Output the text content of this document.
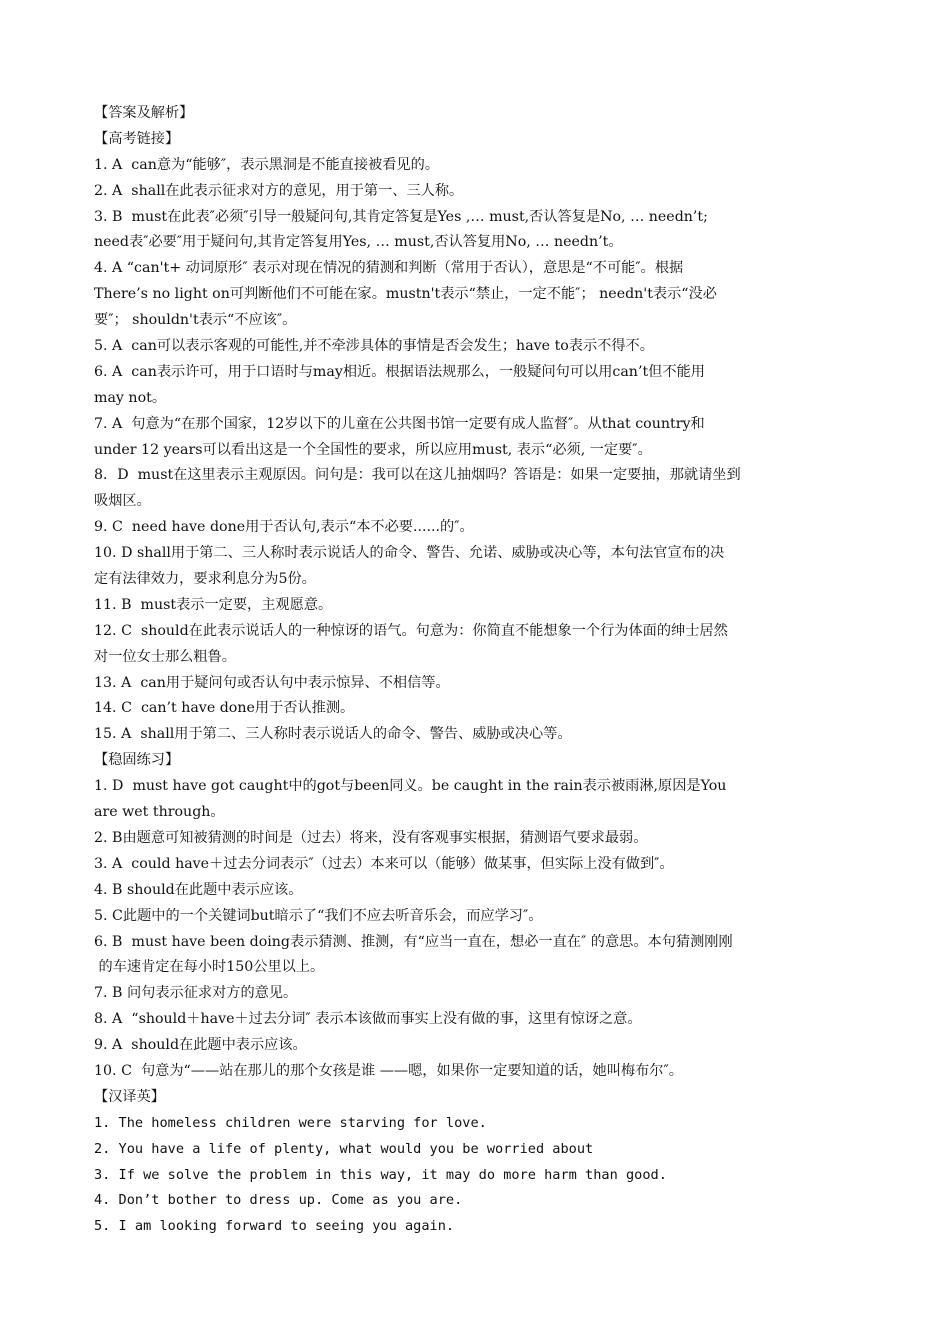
【答案及解析】
【高考链接】
1. A  can意为“能够″，表示黑洞是不能直接被看见的。
2. A  shall在此表示征求对方的意见，用于第一、三人称。
3. B  must在此表″必须″引导一般疑问句,其肯定答复是Yes ,… must,否认答复是No, … needn’t;
need表″必要″用于疑问句,其肯定答复用Yes, … must,否认答复用No, … needn’t。
4. A “can't+ 动词原形″ 表示对现在情况的猜测和判断（常用于否认），意思是“不可能″。根据
There’s no light on可判断他们不可能在家。mustn't表示“禁止，一定不能″； needn't表示“没必
要″； shouldn't表示“不应该″。
5. A  can可以表示客观的可能性,并不牵涉具体的事情是否会发生；have to表示不得不。
6. A  can表示许可，用于口语时与may相近。根据语法规那么，一般疑问句可以用can’t但不能用
may not。
7. A  句意为“在那个国家，12岁以下的儿童在公共图书馆一定要有成人监督″。从that country和
under 12 years可以看出这是一个全国性的要求，所以应用must, 表示“必须, 一定要″。
8．D  must在这里表示主观原因。问句是：我可以在这儿抽烟吗？答语是：如果一定要抽，那就请坐到
吸烟区。
9. C  need have done用于否认句,表示“本不必要......的″。
10. D shall用于第二、三人称时表示说话人的命令、警告、允诺、威胁或决心等，本句法官宣布的决
定有法律效力，要求利息分为5份。
11. B  must表示一定要，主观愿意。
12. C  should在此表示说话人的一种惊讶的语气。句意为：你简直不能想象一个行为体面的绅士居然
对一位女士那么粗鲁。
13. A  can用于疑问句或否认句中表示惊异、不相信等。
14. C  can’t have done用于否认推测。
15. A  shall用于第二、三人称时表示说话人的命令、警告、威胁或决心等。
【稳固练习】
1. D  must have got caught中的got与been同义。be caught in the rain表示被雨淋,原因是You
are wet through。
2. B由题意可知被猜测的时间是（过去）将来，没有客观事实根据，猜测语气要求最弱。
3. A  could have＋过去分词表示″（过去）本来可以（能够）做某事，但实际上没有做到″。
4. B should在此题中表示应该。
5. C此题中的一个关键词but暗示了“我们不应去听音乐会，而应学习″。
6. B  must have been doing表示猜测、推测，有“应当一直在，想必一直在″ 的意思。本句猜测刚刚
的车速肯定在每小时150公里以上。
7. B 问句表示征求对方的意见。
8. A  “should＋have＋过去分词″ 表示本该做而事实上没有做的事，这里有惊讶之意。
9. A  should在此题中表示应该。
10. C  句意为“——站在那儿的那个女孩是谁 ——嗯，如果你一定要知道的话，她叫梅布尔″。
【汉译英】
1. The homeless children were starving for love.
2. You have a life of plenty, what would you be worried about
3. If we solve the problem in this way, it may do more harm than good.
4. Don’t bother to dress up. Come as you are.
5. I am looking forward to seeing you again.
